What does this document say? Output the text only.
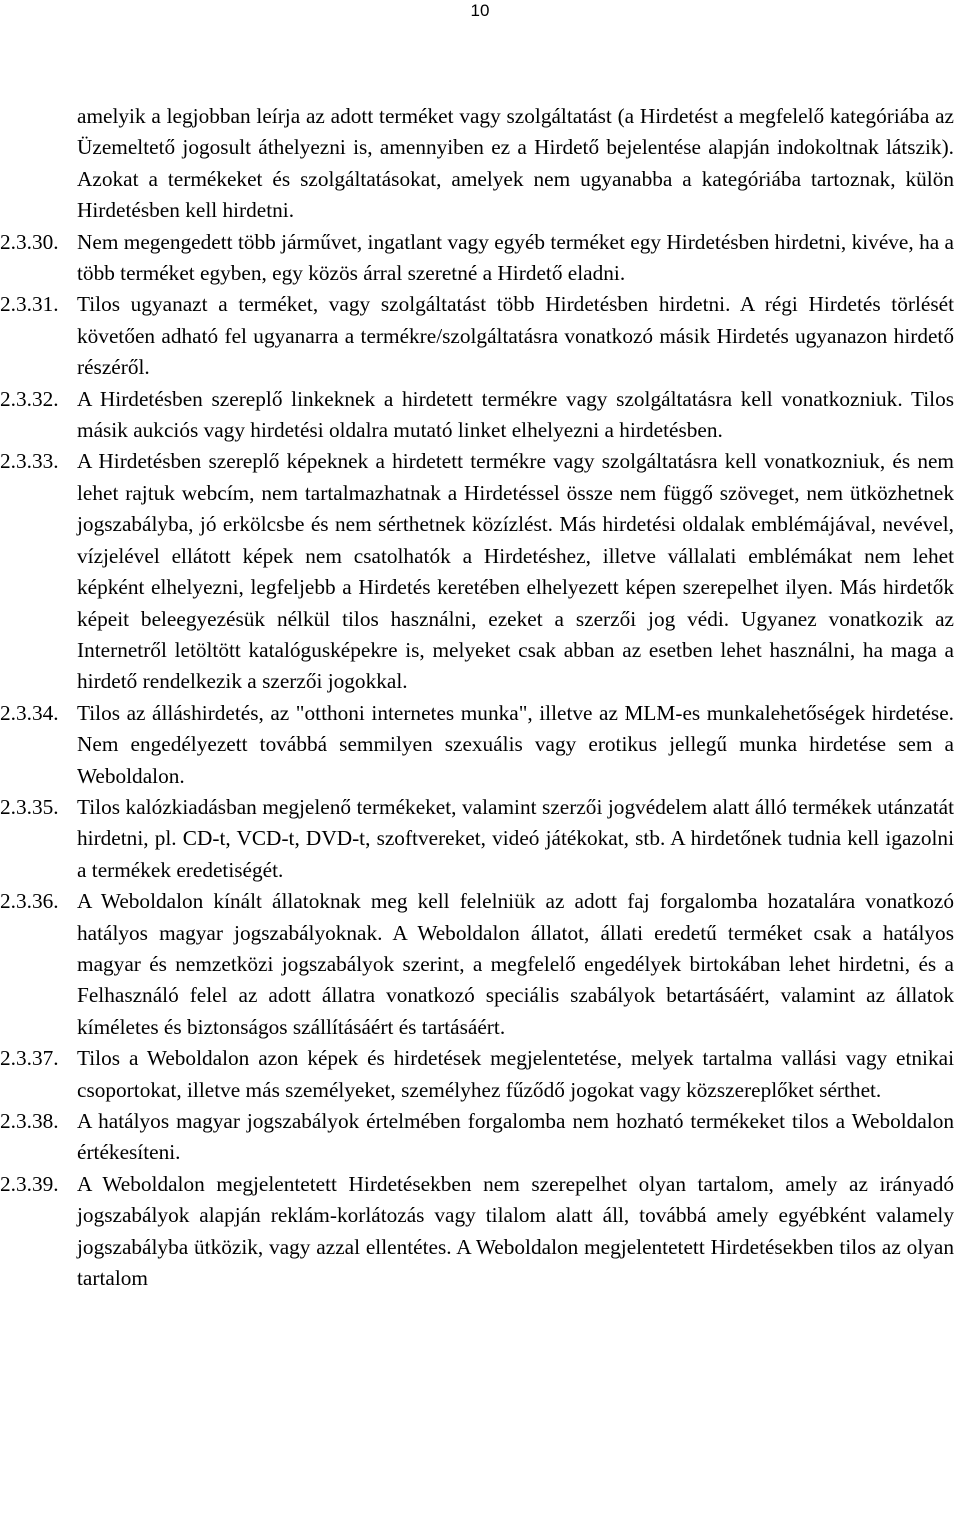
10
amelyik a legjobban leírja az adott terméket vagy szolgáltatást (a Hirdetést a megfelelő kategóriába az Üzemeltető jogosult áthelyezni is, amennyiben ez a Hirdető bejelentése alapján indokoltnak látszik). Azokat a termékeket és szolgáltatásokat, amelyek nem ugyanabba a kategóriába tartoznak, külön Hirdetésben kell hirdetni.
2.3.30. Nem megengedett több járművet, ingatlant vagy egyéb terméket egy Hirdetésben hirdetni, kivéve, ha a több terméket egyben, egy közös árral szeretné a Hirdető eladni.
2.3.31. Tilos ugyanazt a terméket, vagy szolgáltatást több Hirdetésben hirdetni. A régi Hirdetés törlését követően adható fel ugyanarra a termékre/szolgáltatásra vonatkozó másik Hirdetés ugyanazon hirdető részéről.
2.3.32. A Hirdetésben szereplő linkeknek a hirdetett termékre vagy szolgáltatásra kell vonatkozniuk. Tilos másik aukciós vagy hirdetési oldalra mutató linket elhelyezni a hirdetésben.
2.3.33. A Hirdetésben szereplő képeknek a hirdetett termékre vagy szolgáltatásra kell vonatkozniuk, és nem lehet rajtuk webcím, nem tartalmazhatnak a Hirdetéssel össze nem függő szöveget, nem ütközhetnek jogszabályba, jó erkölcsbe és nem sérthetnek közízlést. Más hirdetési oldalak emblémájával, nevével, vízjelével ellátott képek nem csatolhatók a Hirdetéshez, illetve vállalati emblémákat nem lehet képként elhelyezni, legfeljebb a Hirdetés keretében elhelyezett képen szerepelhet ilyen. Más hirdetők képeit beleegyezésük nélkül tilos használni, ezeket a szerzői jog védi. Ugyanez vonatkozik az Internetről letöltött katalógusképekre is, melyeket csak abban az esetben lehet használni, ha maga a hirdető rendelkezik a szerzői jogokkal.
2.3.34. Tilos az álláshirdetés, az "otthoni internetes munka", illetve az MLM-es munkalehetőségek hirdetése. Nem engedélyezett továbbá semmilyen szexuális vagy erotikus jellegű munka hirdetése sem a Weboldalon.
2.3.35. Tilos kalózkiadásban megjelenő termékeket, valamint szerzői jogvédelem alatt álló termékek utánzatát hirdetni, pl. CD-t, VCD-t, DVD-t, szoftvereket, videó játékokat, stb. A hirdetőnek tudnia kell igazolni a termékek eredetiségét.
2.3.36. A Weboldalon kínált állatoknak meg kell felelniük az adott faj forgalomba hozatalára vonatkozó hatályos magyar jogszabályoknak. A Weboldalon állatot, állati eredetű terméket csak a hatályos magyar és nemzetközi jogszabályok szerint, a megfelelő engedélyek birtokában lehet hirdetni, és a Felhasználó felel az adott állatra vonatkozó speciális szabályok betartásáért, valamint az állatok kíméletes és biztonságos szállításáért és tartásáért.
2.3.37. Tilos a Weboldalon azon képek és hirdetések megjelentetése, melyek tartalma vallási vagy etnikai csoportokat, illetve más személyeket, személyhez fűződő jogokat vagy közszereplőket sérthet.
2.3.38. A hatályos magyar jogszabályok értelmében forgalomba nem hozható termékeket tilos a Weboldalon értékesíteni.
2.3.39. A Weboldalon megjelentetett Hirdetésekben nem szerepelhet olyan tartalom, amely az irányadó jogszabályok alapján reklám-korlátozás vagy tilalom alatt áll, továbbá amely egyébként valamely jogszabályba ütközik, vagy azzal ellentétes. A Weboldalon megjelentetett Hirdetésekben tilos az olyan tartalom
